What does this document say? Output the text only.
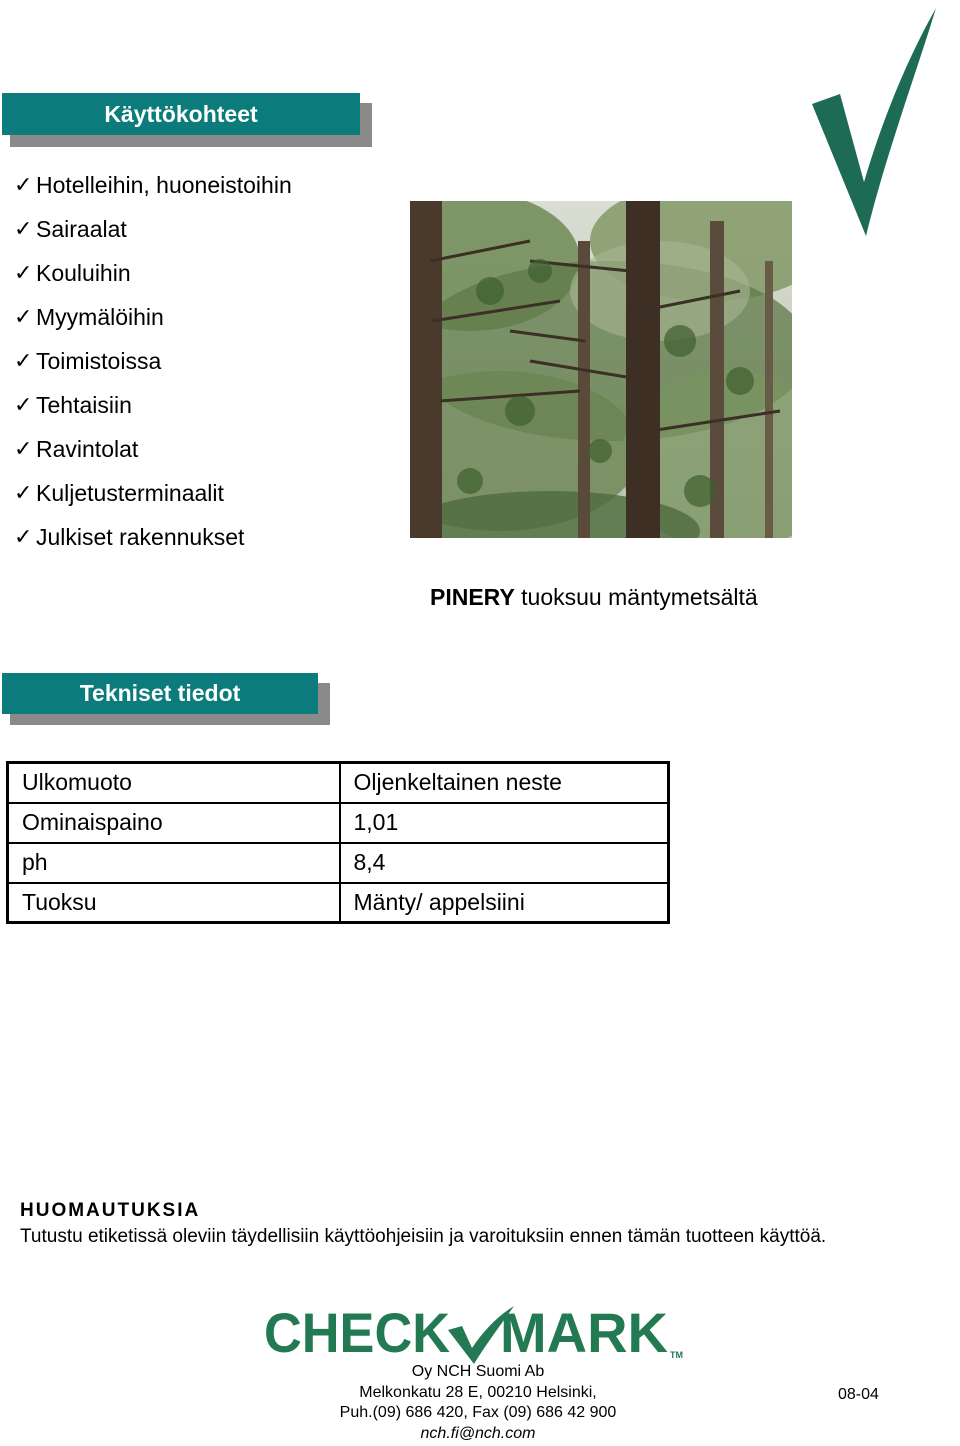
Käyttökohteet
✓ Hotelleihin, huoneistoihin
✓ Sairaalat
✓ Kouluihin
✓ Myymälöihin
✓ Toimistoissa
✓ Tehtaisiin
✓ Ravintolat
✓ Kuljetusterminaalit
✓ Julkiset rakennukset
PINERY tuoksuu mäntymetsältä
Tekniset tiedot
Ulkomuoto	Oljenkeltainen neste
Ominaispaino	1,01
ph	8,4
Tuoksu	Mänty/ appelsiini
HUOMAUTUKSIA
Tutustu etiketissä oleviin täydellisiin käyttöohjeisiin ja varoituksiin ennen tämän tuotteen käyttöä.
CHECK MARK TM
Oy NCH Suomi Ab
Melkonkatu 28 E, 00210 Helsinki,
Puh.(09) 686 420, Fax (09) 686 42 900
nch.fi@nch.com
08-04
